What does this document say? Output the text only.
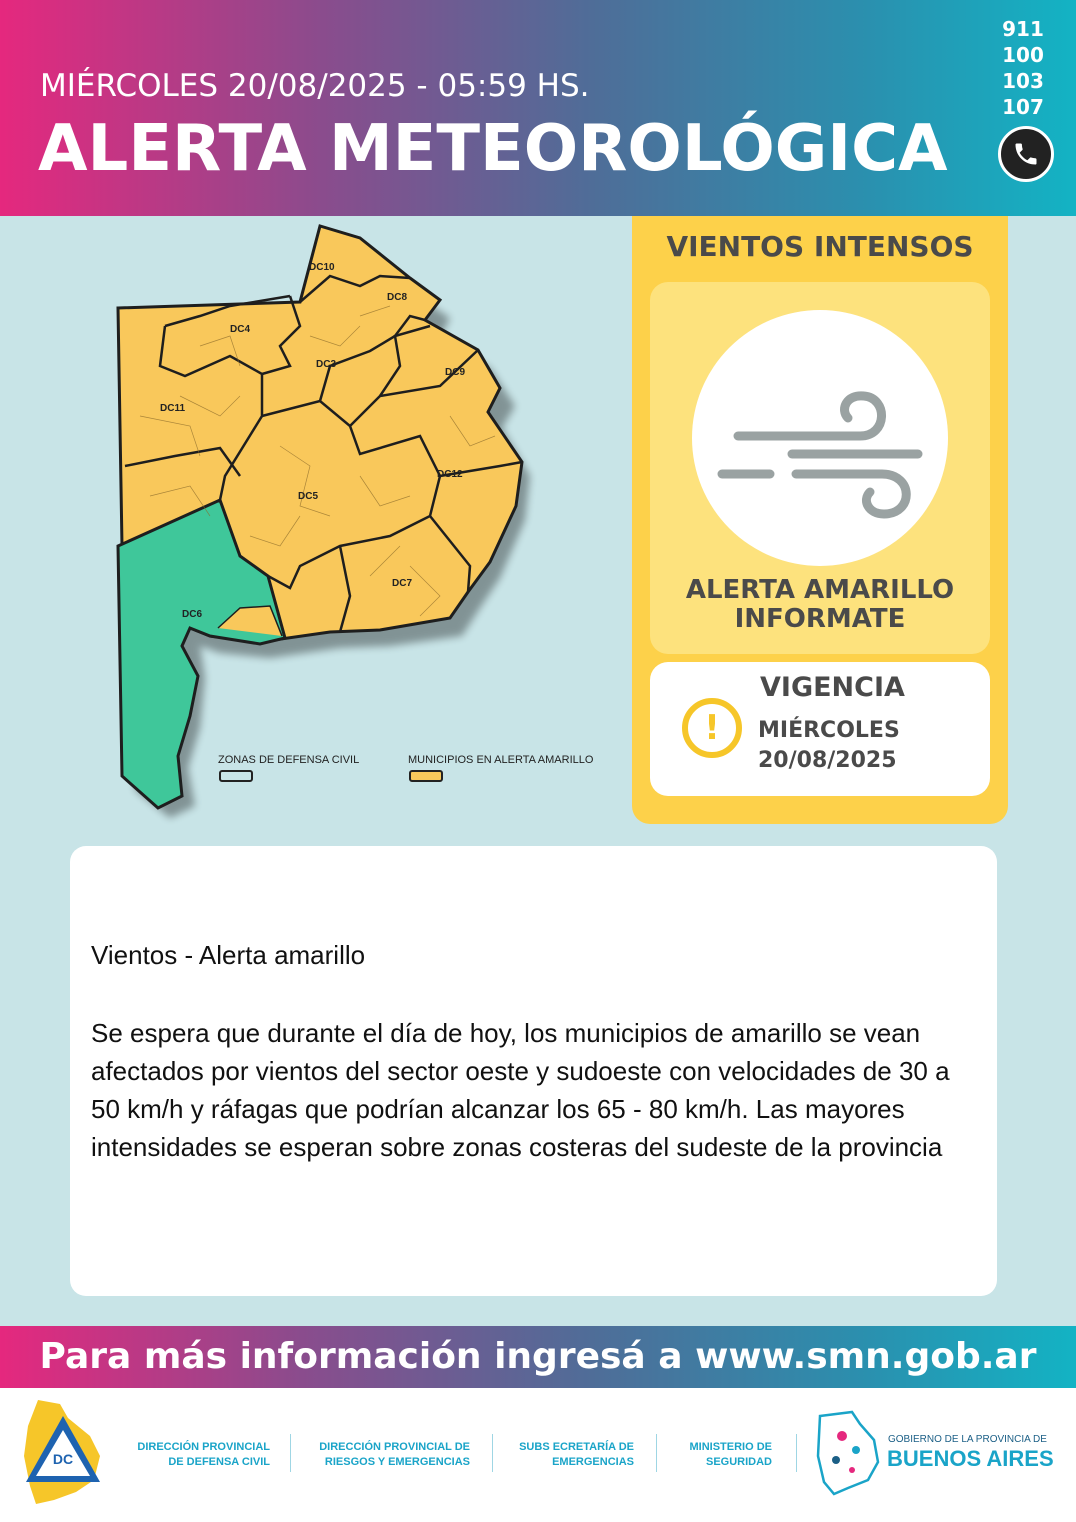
MIÉRCOLES 20/08/2025 - 05:59 HS.
ALERTA METEOROLÓGICA
911
100
103
107
DC10
DC8
DC4
DC3
DC9
DC11
DC12
DC5
DC7
DC6
ZONAS DE DEFENSA CIVIL	MUNICIPIOS EN ALERTA AMARILLO
VIENTOS INTENSOS
ALERTA AMARILLO
INFORMATE
!
VIGENCIA
MIÉRCOLES
20/08/2025
Vientos - Alerta amarillo
Se espera que durante el día de hoy, los municipios de amarillo se vean afectados por vientos del sector oeste y sudoeste con velocidades de 30 a 50 km/h y ráfagas que podrían alcanzar los 65 - 80 km/h. Las mayores intensidades se esperan sobre zonas costeras del sudeste de la provincia
Para más información ingresá a www.smn.gob.ar
DC
DIRECCIÓN PROVINCIAL
DE DEFENSA CIVIL
DIRECCIÓN PROVINCIAL DE
RIESGOS Y EMERGENCIAS
SUBS ECRETARÍA DE
EMERGENCIAS
MINISTERIO DE
SEGURIDAD
GOBIERNO DE LA PROVINCIA DE
BUENOS AIRES
